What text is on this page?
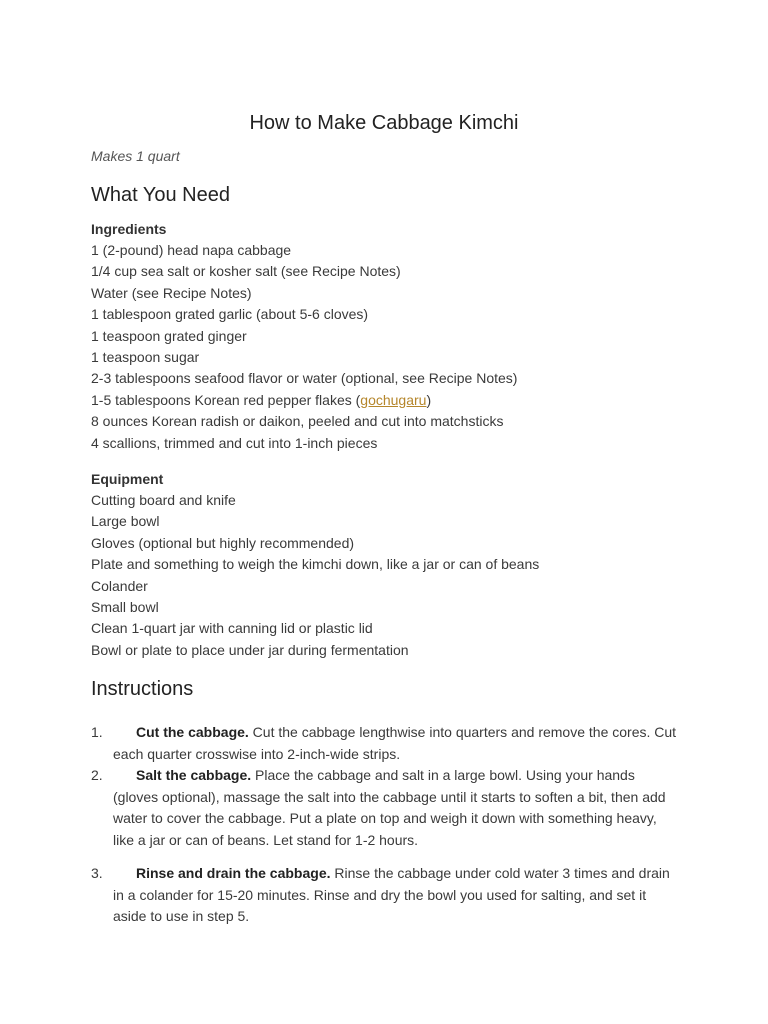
How to Make Cabbage Kimchi
Makes 1 quart
What You Need
Ingredients
1 (2-pound) head napa cabbage
1/4 cup sea salt or kosher salt (see Recipe Notes)
Water (see Recipe Notes)
1 tablespoon grated garlic (about 5-6 cloves)
1 teaspoon grated ginger
1 teaspoon sugar
2-3 tablespoons seafood flavor or water (optional, see Recipe Notes)
1-5 tablespoons Korean red pepper flakes (gochugaru)
8 ounces Korean radish or daikon, peeled and cut into matchsticks
4 scallions, trimmed and cut into 1-inch pieces
Equipment
Cutting board and knife
Large bowl
Gloves (optional but highly recommended)
Plate and something to weigh the kimchi down, like a jar or can of beans
Colander
Small bowl
Clean 1-quart jar with canning lid or plastic lid
Bowl or plate to place under jar during fermentation
Instructions
1.	Cut the cabbage. Cut the cabbage lengthwise into quarters and remove the cores. Cut each quarter crosswise into 2-inch-wide strips.
2.	Salt the cabbage. Place the cabbage and salt in a large bowl. Using your hands (gloves optional), massage the salt into the cabbage until it starts to soften a bit, then add water to cover the cabbage. Put a plate on top and weigh it down with something heavy, like a jar or can of beans. Let stand for 1-2 hours.
3.	Rinse and drain the cabbage. Rinse the cabbage under cold water 3 times and drain in a colander for 15-20 minutes. Rinse and dry the bowl you used for salting, and set it aside to use in step 5.
